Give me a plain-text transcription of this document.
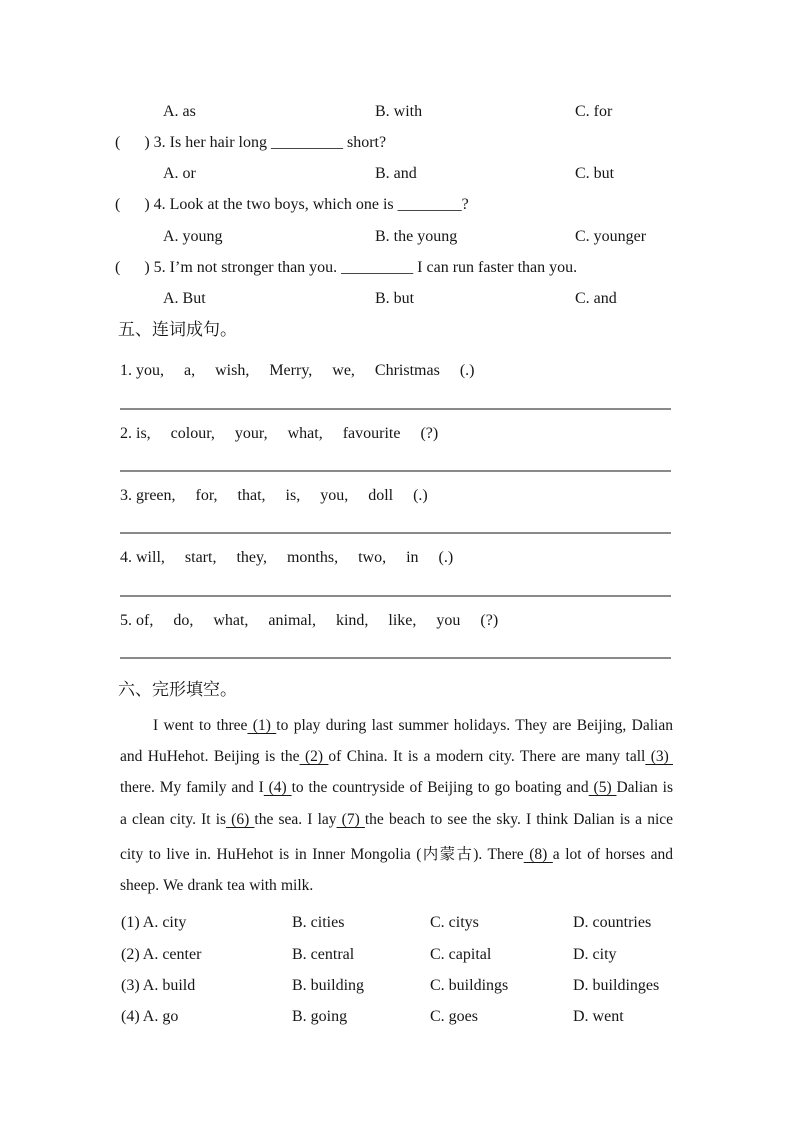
A. as	B. with	C. for
(      ) 3. Is her hair long _________ short?
A. or	B. and	C. but
(      ) 4. Look at the two boys, which one is ________?
A. young	B. the young	C. younger
(      ) 5. I’m not stronger than you. _________ I can run faster than you.
A. But	B. but	C. and
五、连词成句。
1. you,     a,     wish,     Merry,     we,     Christmas     (.)
2. is,     colour,     your,     what,     favourite     (?)
3. green,     for,     that,     is,     you,     doll     (.)
4. will,     start,     they,     months,     two,     in     (.)
5. of,     do,     what,     animal,     kind,     like,     you     (?)
六、完形填空。
I went to three (1) to play during last summer holidays. They are Beijing, Dalian
and HuHehot. Beijing is the (2) of China. It is a modern city. There are many tall (3)
there. My family and I (4) to the countryside of Beijing to go boating and (5) Dalian is
a clean city. It is (6) the sea. I lay (7) the beach to see the sky. I think Dalian is a nice
city to live in. HuHehot is in Inner Mongolia (内蒙古). There (8) a lot of horses and
sheep. We drank tea with milk.
(1) A. city	B. cities	C. citys	D. countries
(2) A. center	B. central	C. capital	D. city
(3) A. build	B. building	C. buildings	D. buildinges
(4) A. go	B. going	C. goes	D. went
